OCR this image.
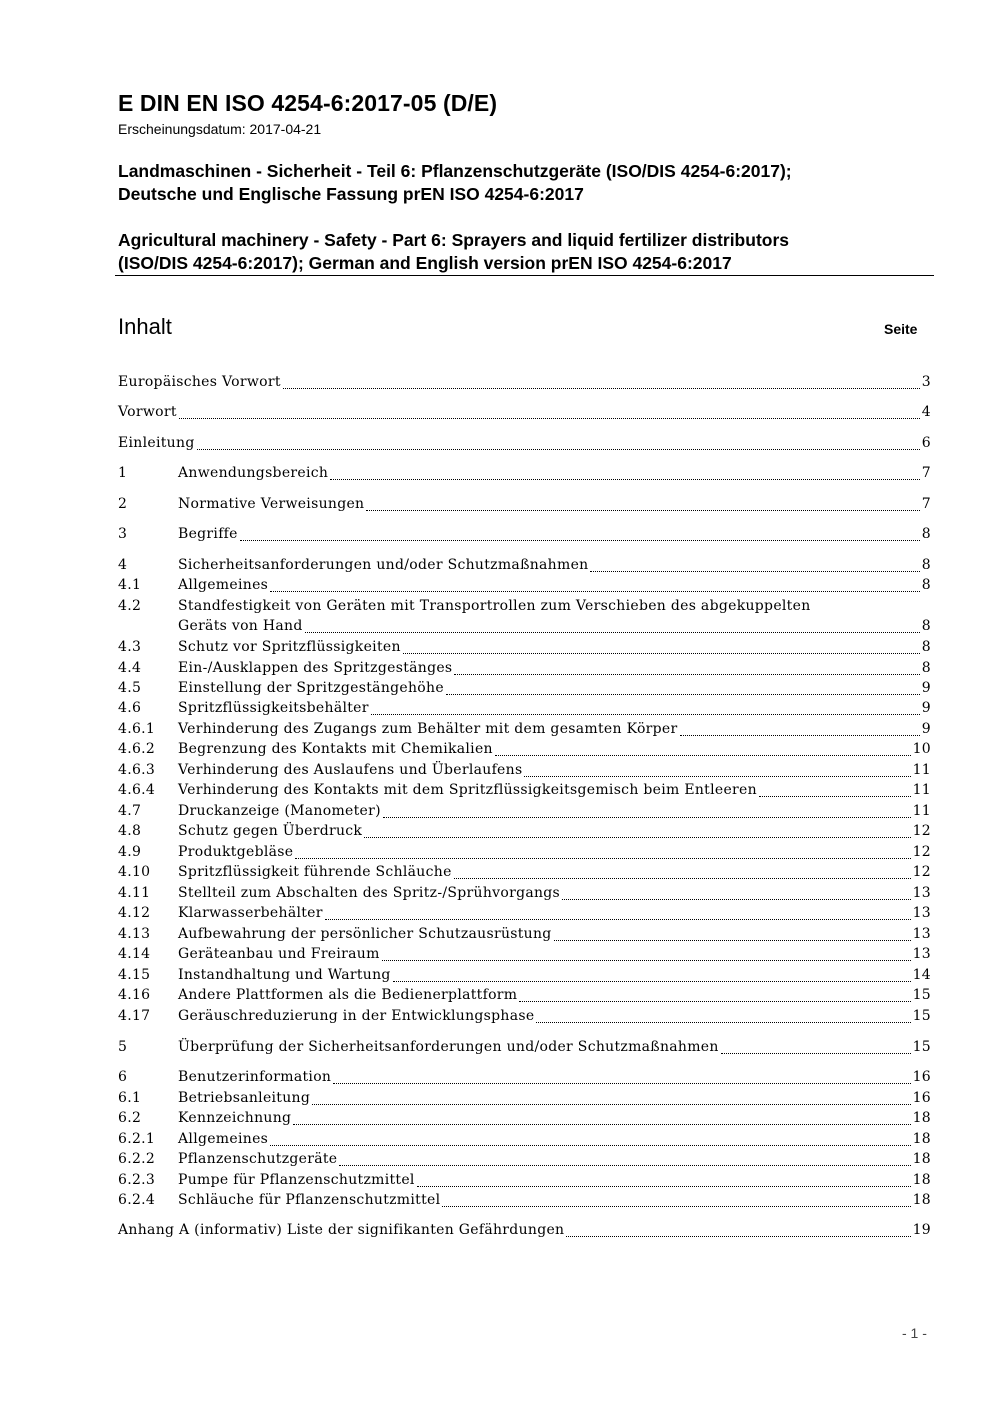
E DIN EN ISO 4254-6:2017-05 (D/E)
Erscheinungsdatum: 2017-04-21
Landmaschinen - Sicherheit - Teil 6: Pflanzenschutzgeräte (ISO/DIS 4254-6:2017);
Deutsche und Englische Fassung prEN ISO 4254-6:2017
Agricultural machinery - Safety - Part 6: Sprayers and liquid fertilizer distributors
(ISO/DIS 4254-6:2017); German and English version prEN ISO 4254-6:2017
Inhalt	Seite
Europäisches Vorwort	3
Vorwort	4
Einleitung	6
1	Anwendungsbereich	7
2	Normative Verweisungen	7
3	Begriffe	8
4	Sicherheitsanforderungen und/oder Schutzmaßnahmen	8
4.1	Allgemeines	8
4.2	Standfestigkeit von Geräten mit Transportrollen zum Verschieben des abgekuppelten
Geräts von Hand	8
4.3	Schutz vor Spritzflüssigkeiten	8
4.4	Ein-/Ausklappen des Spritzgestänges	8
4.5	Einstellung der Spritzgestängehöhe	9
4.6	Spritzflüssigkeitsbehälter	9
4.6.1	Verhinderung des Zugangs zum Behälter mit dem gesamten Körper	9
4.6.2	Begrenzung des Kontakts mit Chemikalien	10
4.6.3	Verhinderung des Auslaufens und Überlaufens	11
4.6.4	Verhinderung des Kontakts mit dem Spritzflüssigkeitsgemisch beim Entleeren	11
4.7	Druckanzeige (Manometer)	11
4.8	Schutz gegen Überdruck	12
4.9	Produktgebläse	12
4.10	Spritzflüssigkeit führende Schläuche	12
4.11	Stellteil zum Abschalten des Spritz-/Sprühvorgangs	13
4.12	Klarwasserbehälter	13
4.13	Aufbewahrung der persönlicher Schutzausrüstung	13
4.14	Geräteanbau und Freiraum	13
4.15	Instandhaltung und Wartung	14
4.16	Andere Plattformen als die Bedienerplattform	15
4.17	Geräuschreduzierung in der Entwicklungsphase	15
5	Überprüfung der Sicherheitsanforderungen und/oder Schutzmaßnahmen	15
6	Benutzerinformation	16
6.1	Betriebsanleitung	16
6.2	Kennzeichnung	18
6.2.1	Allgemeines	18
6.2.2	Pflanzenschutzgeräte	18
6.2.3	Pumpe für Pflanzenschutzmittel	18
6.2.4	Schläuche für Pflanzenschutzmittel	18
Anhang A (informativ) Liste der signifikanten Gefährdungen	19
- 1 -
